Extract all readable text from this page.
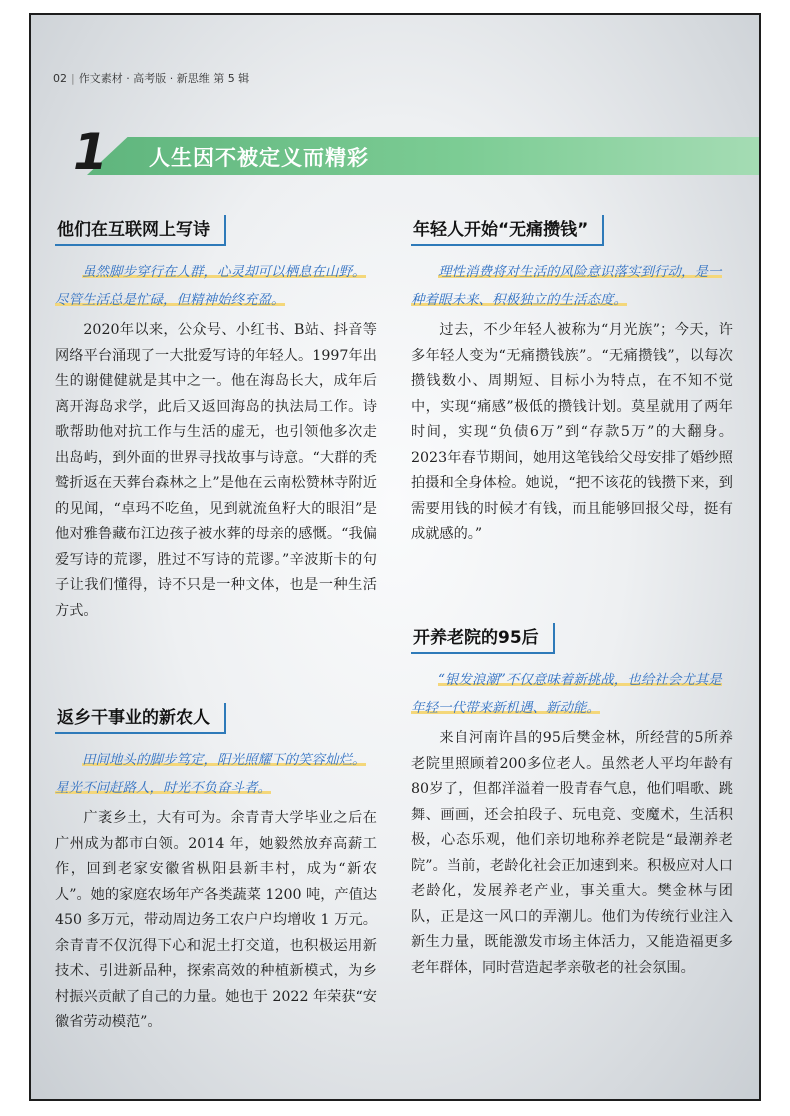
02 | 作文素材 · 高考版 · 新思维 第 5 辑
1 人生因不被定义而精彩
他们在互联网上写诗

虽然脚步穿行在人群，心灵却可以栖息在山野。尽管生活总是忙碌，但精神始终充盈。

2020年以来，公众号、小红书、B站、抖音等网络平台涌现了一大批爱写诗的年轻人。1997年出生的谢健健就是其中之一。他在海岛长大，成年后离开海岛求学，此后又返回海岛的执法局工作。诗歌帮助他对抗工作与生活的虚无，也引领他多次走出岛屿，到外面的世界寻找故事与诗意。“大群的秃鹫折返在天葬台森林之上”是他在云南松赞林寺附近的见闻，“卓玛不吃鱼，见到就流鱼籽大的眼泪”是他对雅鲁藏布江边孩子被水葬的母亲的感慨。“我偏爱写诗的荒谬，胜过不写诗的荒谬。”辛波斯卡的句子让我们懂得，诗不只是一种文体，也是一种生活方式。

返乡干事业的新农人

田间地头的脚步笃定，阳光照耀下的笑容灿烂。星光不问赶路人，时光不负奋斗者。

广袤乡土，大有可为。余青青大学毕业之后在广州成为都市白领。2014 年，她毅然放弃高薪工作，回到老家安徽省枞阳县新丰村，成为“新农人”。她的家庭农场年产各类蔬菜 1200 吨，产值达 450 多万元，带动周边务工农户户均增收 1 万元。余青青不仅沉得下心和泥土打交道，也积极运用新技术、引进新品种，探索高效的种植新模式，为乡村振兴贡献了自己的力量。她也于 2022 年荣获“安徽省劳动模范”。

年轻人开始“无痛攒钱”

理性消费将对生活的风险意识落实到行动，是一种着眼未来、积极独立的生活态度。

过去，不少年轻人被称为“月光族”；今天，许多年轻人变为“无痛攒钱族”。“无痛攒钱”，以每次攒钱数小、周期短、目标小为特点，在不知不觉中，实现“痛感”极低的攒钱计划。莫星就用了两年时间，实现“负债6万”到“存款5万”的大翻身。2023年春节期间，她用这笔钱给父母安排了婚纱照拍摄和全身体检。她说，“把不该花的钱攒下来，到需要用钱的时候才有钱，而且能够回报父母，挺有成就感的。”

开养老院的95后

“银发浪潮”不仅意味着新挑战，也给社会尤其是年轻一代带来新机遇、新动能。

来自河南许昌的95后樊金林，所经营的5所养老院里照顾着200多位老人。虽然老人平均年龄有80岁了，但都洋溢着一股青春气息，他们唱歌、跳舞、画画，还会拍段子、玩电竞、变魔术，生活积极，心态乐观，他们亲切地称养老院是“最潮养老院”。当前，老龄化社会正加速到来。积极应对人口老龄化，发展养老产业，事关重大。樊金林与团队，正是这一风口的弄潮儿。他们为传统行业注入新生力量，既能激发市场主体活力，又能造福更多老年群体，同时营造起孝亲敬老的社会氛围。
